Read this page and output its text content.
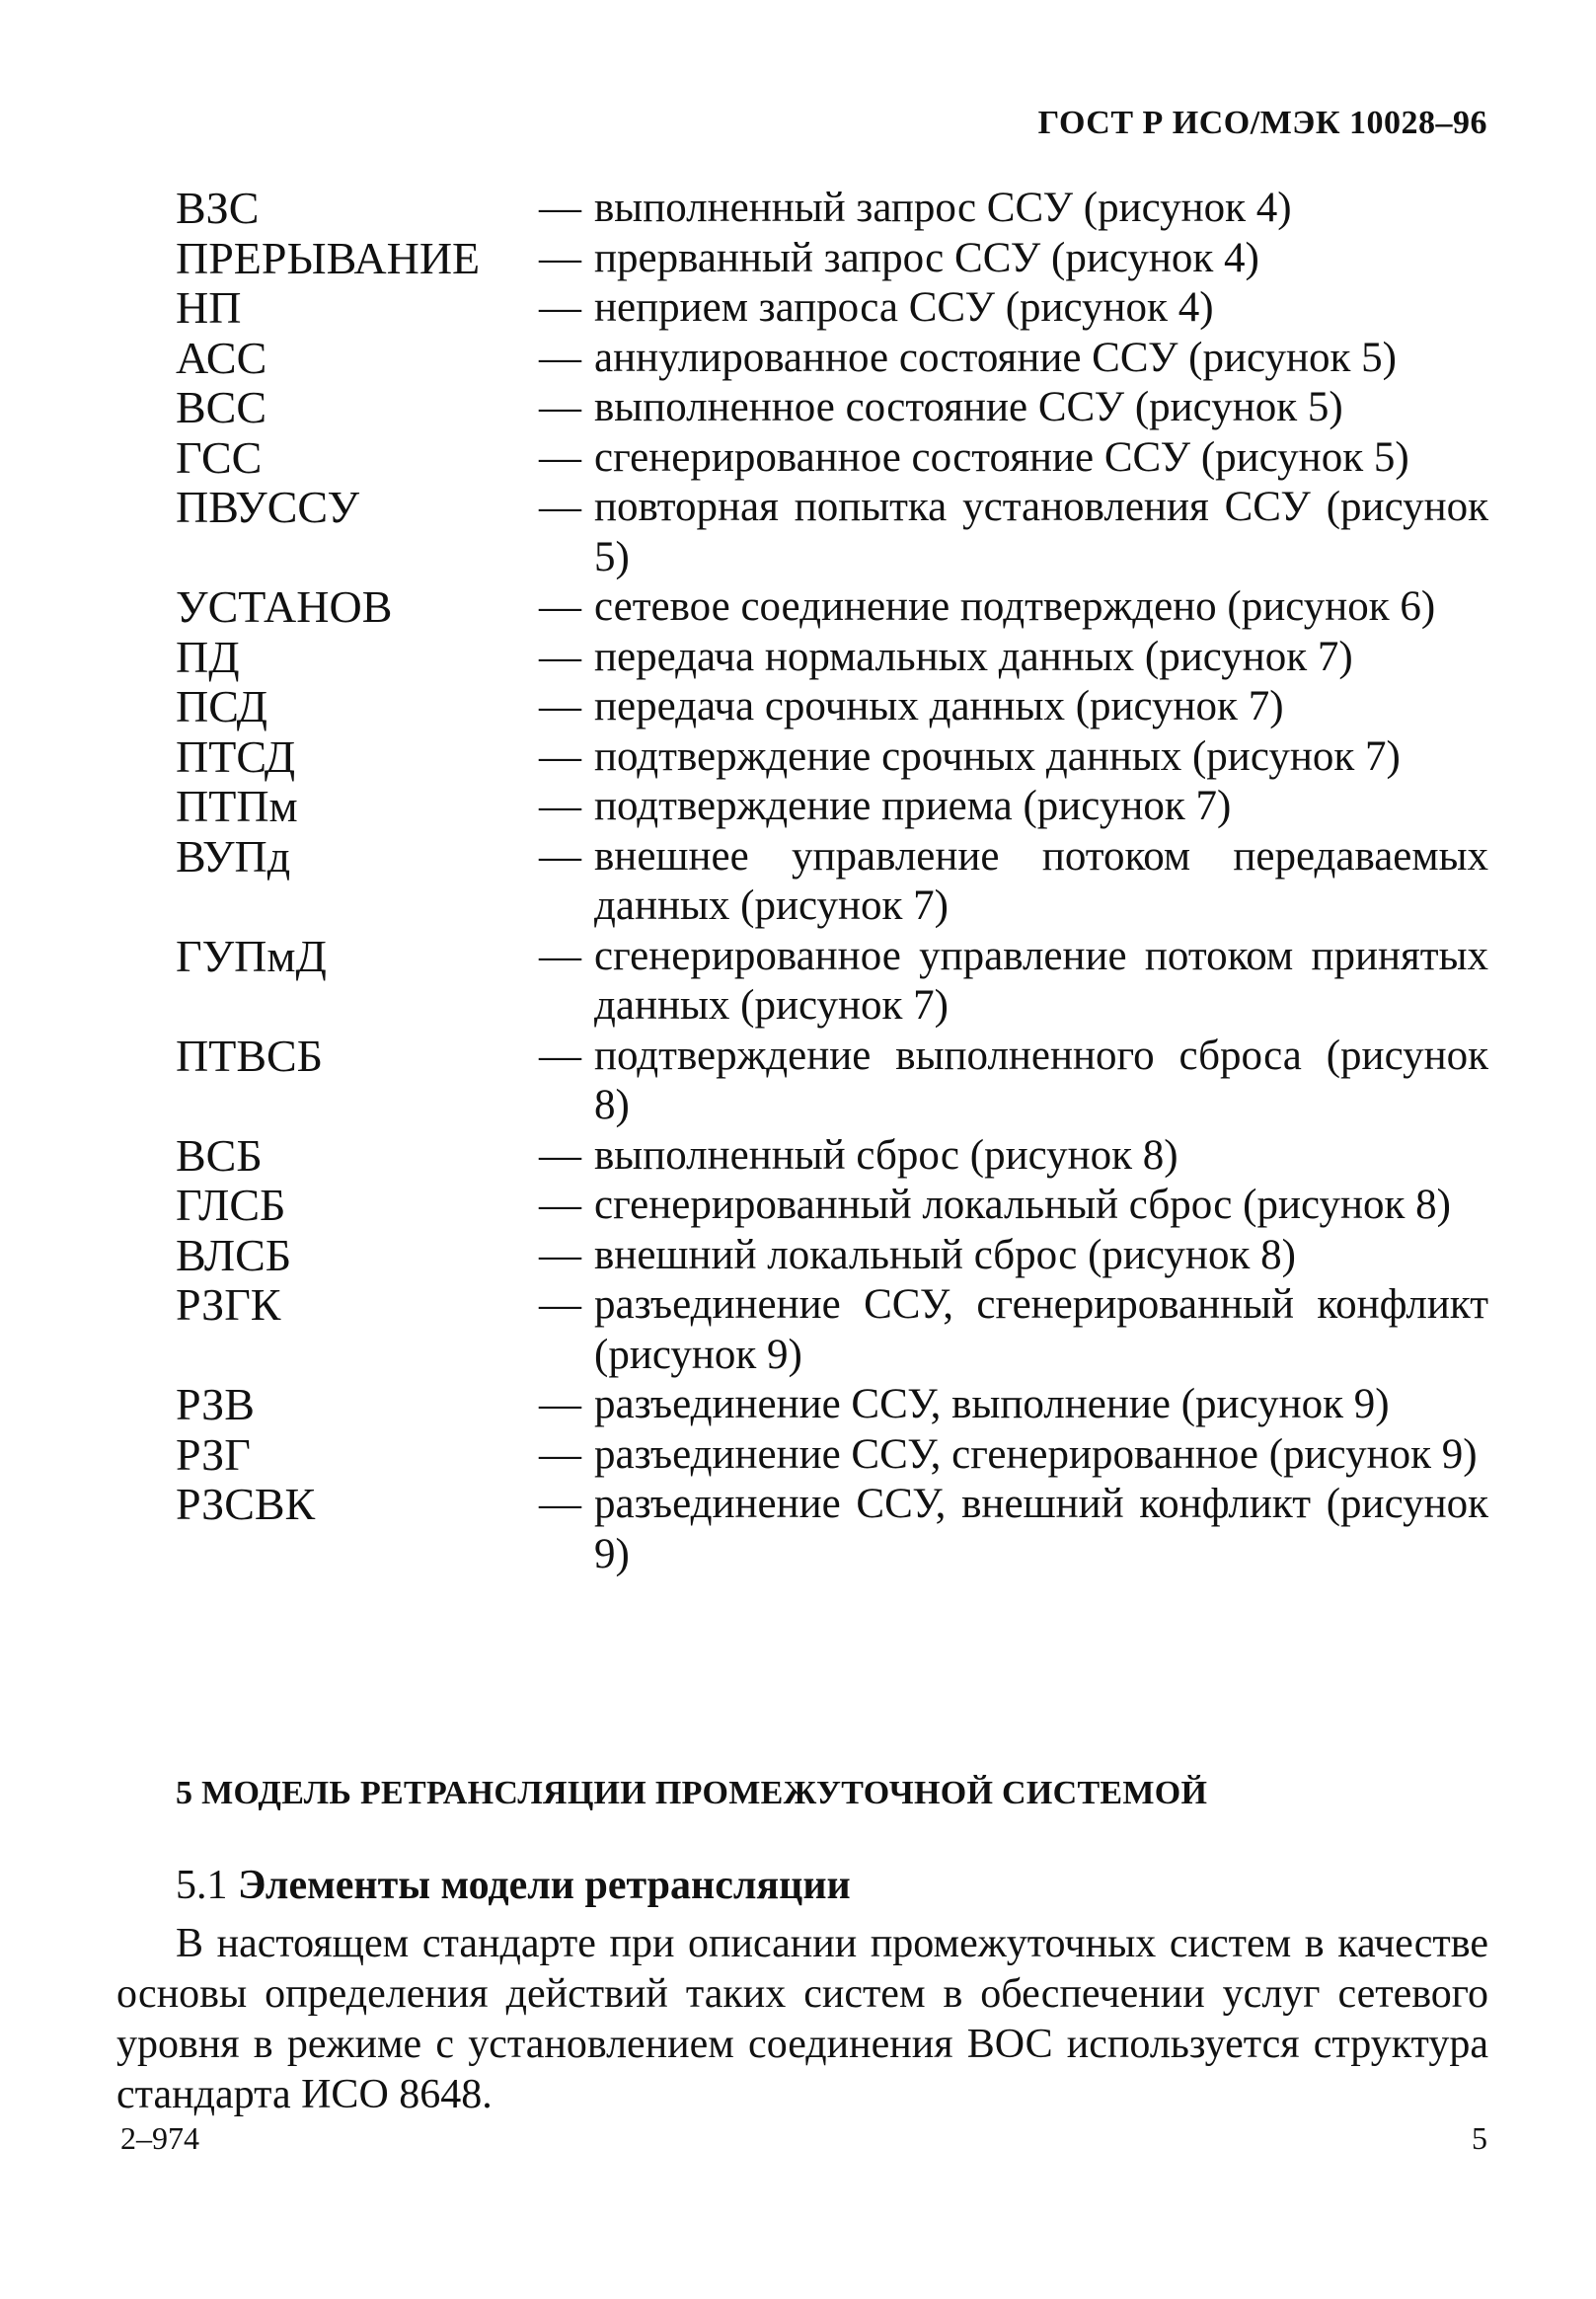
ГОСТ Р ИСО/МЭК 10028–96
ВЗС	— выполненный запрос ССУ (рисунок 4)
ПРЕРЫВАНИЕ	— прерванный запрос ССУ (рисунок 4)
НП	— неприем запроса ССУ (рисунок 4)
АСС	— аннулированное состояние ССУ (рисунок 5)
ВСС	— выполненное состояние ССУ (рисунок 5)
ГСС	— сгенерированное состояние ССУ (рисунок 5)
ПВУССУ	— повторная попытка установления ССУ (рисунок 5)
УСТАНОВ	— сетевое соединение подтверждено (рисунок 6)
ПД	— передача нормальных данных (рисунок 7)
ПСД	— передача срочных данных (рисунок 7)
ПТСД	— подтверждение срочных данных (рисунок 7)
ПТПм	— подтверждение приема (рисунок 7)
ВУПд	— внешнее управление потоком передаваемых данных (рисунок 7)
ГУПмД	— сгенерированное управление потоком принятых данных (рисунок 7)
ПТВСБ	— подтверждение выполненного сброса (рисунок 8)
ВСБ	— выполненный сброс (рисунок 8)
ГЛСБ	— сгенерированный локальный сброс (рисунок 8)
ВЛСБ	— внешний локальный сброс (рисунок 8)
РЗГК	— разъединение ССУ, сгенерированный конфликт (рисунок 9)
РЗВ	— разъединение ССУ, выполнение (рисунок 9)
РЗГ	— разъединение ССУ, сгенерированное (рисунок 9)
РЗСВК	— разъединение ССУ, внешний конфликт (рисунок 9)
5 МОДЕЛЬ РЕТРАНСЛЯЦИИ ПРОМЕЖУТОЧНОЙ СИСТЕМОЙ
5.1 Элементы модели ретрансляции
В настоящем стандарте при описании промежуточных систем в качестве основы определения действий таких систем в обеспечении услуг сетевого уровня в режиме с установлением соединения ВОС используется структура стандарта ИСО 8648.
2–974	5
